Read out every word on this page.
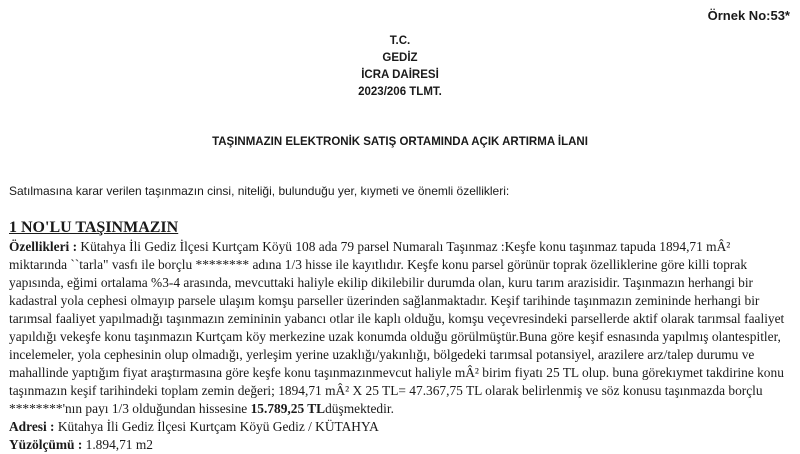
Örnek No:53*
T.C.
GEDİZ
İCRA DAİRESİ
2023/206 TLMT.
TAŞINMAZIN ELEKTRONİK SATIŞ ORTAMINDA AÇIK ARTIRMA İLANI
Satılmasına karar verilen taşınmazın cinsi, niteliği, bulunduğu yer, kıymeti ve önemli özellikleri:
1 NO'LU TAŞINMAZIN

Özellikleri : Kütahya İli Gediz İlçesi Kurtçam Köyü 108 ada 79 parsel Numaralı Taşınmaz :Keşfe konu taşınmaz tapuda 1894,71 mÂ² miktarında ``tarla" vasfı ile borçlu ******** adına 1/3 hisse ile kayıtlıdır. Keşfe konu parsel görünür toprak özelliklerine göre killi toprak yapısında, eğimi ortalama %3-4 arasında, mevcuttaki haliyle ekilip dikilebilir durumda olan, kuru tarım arazisidir. Taşınmazın herhangi bir kadastral yola cephesi olmayıp parsele ulaşım komşu parseller üzerinden sağlanmaktadır. Keşif tarihinde taşınmazın zemininde herhangi bir tarımsal faaliyet yapılmadığı taşınmazın zemininin yabancı otlar ile kaplı olduğu, komşu veçevresindeki parsellerde aktif olarak tarımsal faaliyet yapıldığı vekeşfe konu taşınmazın Kurtçam köy merkezine uzak konumda olduğu görülmüştür.Buna göre keşif esnasında yapılmış olantespitler, incelemeler, yola cephesinin olup olmadığı, yerleşim yerine uzaklığı/yakınlığı, bölgedeki tarımsal potansiyel, arazilere arz/talep durumu ve mahallinde yaptığım fiyat araştırmasına göre keşfe konu taşınmazınmevcut haliyle mÂ² birim fiyatı 25 TL olup. buna görekıymet takdirine konu taşınmazın keşif tarihindeki toplam zemin değeri; 1894,71 mÂ² X 25 TL= 47.367,75 TL olarak belirlenmiş ve söz konusu taşınmazda borçlu ********'nın payı 1/3 olduğundan hissesine 15.789,25 TLdüşmektedir.

Adresi : Kütahya İli Gediz İlçesi Kurtçam Köyü Gediz / KÜTAHYA

Yüzölçümü : 1.894,71 m2
